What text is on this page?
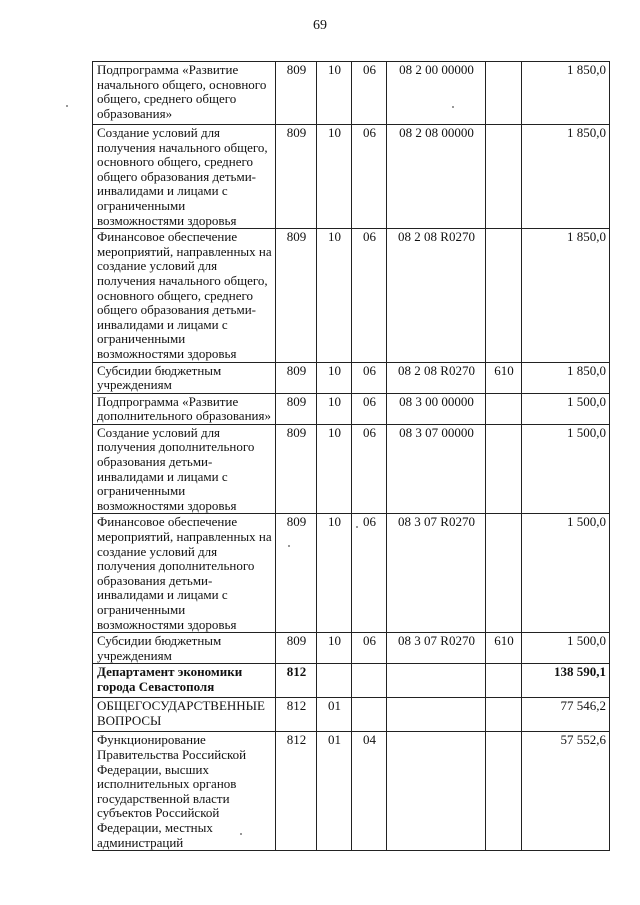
69
Подпрограмма «Развитие начального общего, основного общего, среднего общего образования»	809	10	06	08 2 00 00000		1 850,0
Создание условий для получения начального общего, основного общего, среднего общего образования детьми-инвалидами и лицами с ограниченными возможностями здоровья	809	10	06	08 2 08 00000		1 850,0
Финансовое обеспечение мероприятий, направленных на создание условий для получения начального общего, основного общего, среднего общего образования детьми-инвалидами и лицами с ограниченными возможностями здоровья	809	10	06	08 2 08 R0270		1 850,0
Субсидии бюджетным учреждениям	809	10	06	08 2 08 R0270	610	1 850,0
Подпрограмма «Развитие дополнительного образования»	809	10	06	08 3 00 00000		1 500,0
Создание условий для получения дополнительного образования детьми-инвалидами и лицами с ограниченными возможностями здоровья	809	10	06	08 3 07 00000		1 500,0
Финансовое обеспечение мероприятий, направленных на создание условий для получения дополнительного образования детьми-инвалидами и лицами с ограниченными возможностями здоровья	809	10	06	08 3 07 R0270		1 500,0
Субсидии бюджетным учреждениям	809	10	06	08 3 07 R0270	610	1 500,0
Департамент экономики города Севастополя	812					138 590,1
ОБЩЕГОСУДАРСТВЕННЫЕ ВОПРОСЫ	812	01				77 546,2
Функционирование Правительства Российской Федерации, высших исполнительных органов государственной власти субъектов Российской Федерации, местных администраций	812	01	04			57 552,6
